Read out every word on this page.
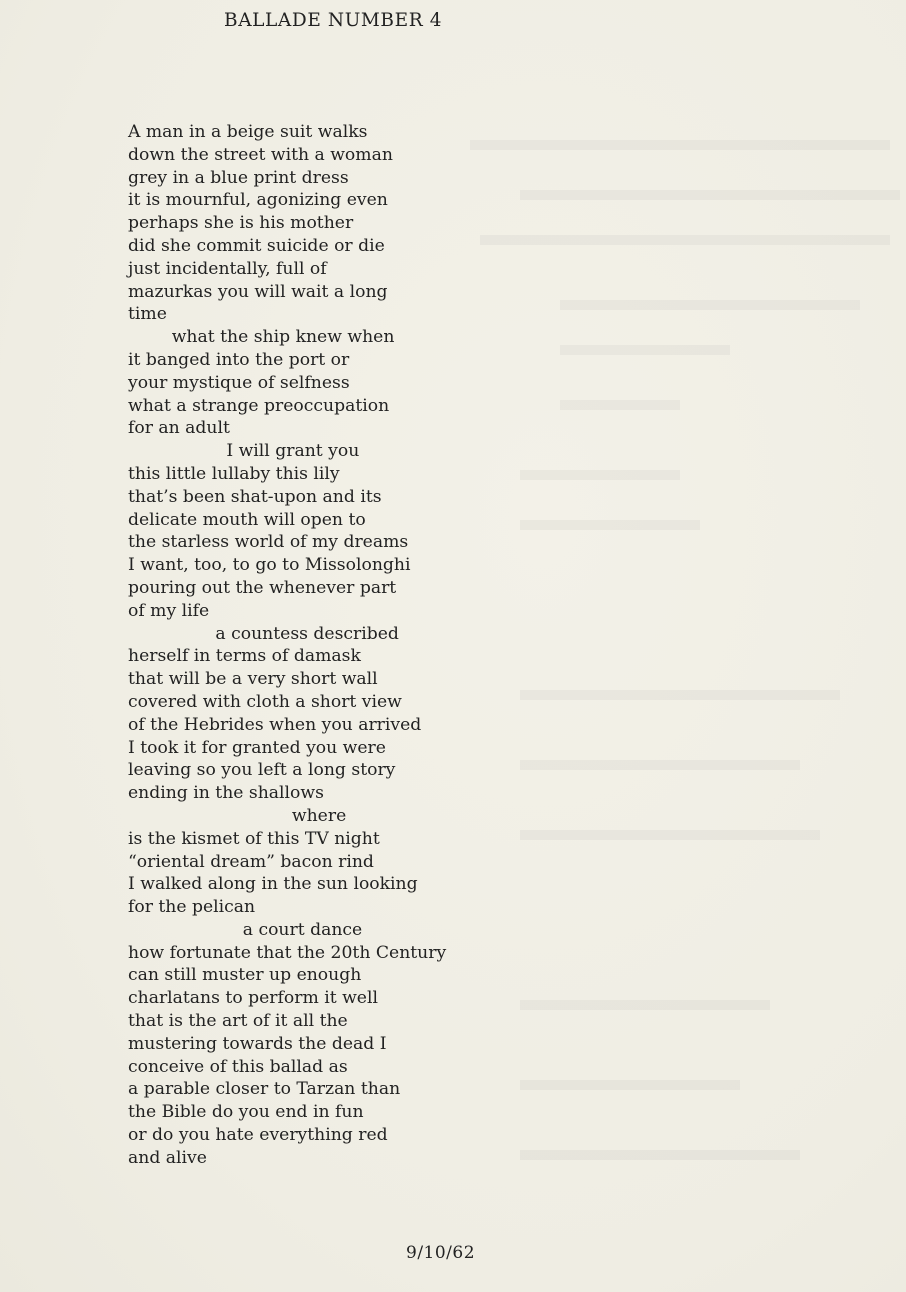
BALLADE NUMBER 4
A man in a beige suit walks
down the street with a woman
grey in a blue print dress
it is mournful, agonizing even
perhaps she is his mother
did she commit suicide or die
just incidentally, full of
mazurkas you will wait a long
time
what the ship knew when
it banged into the port or
your mystique of selfness
what a strange preoccupation
for an adult
I will grant you
this little lullaby this lily
that’s been shat-upon and its
delicate mouth will open to
the starless world of my dreams
I want, too, to go to Missolonghi
pouring out the whenever part
of my life
a countess described
herself in terms of damask
that will be a very short wall
covered with cloth a short view
of the Hebrides when you arrived
I took it for granted you were
leaving so you left a long story
ending in the shallows
where
is the kismet of this TV night
“oriental dream” bacon rind
I walked along in the sun looking
for the pelican
a court dance
how fortunate that the 20th Century
can still muster up enough
charlatans to perform it well
that is the art of it all the
mustering towards the dead I
conceive of this ballad as
a parable closer to Tarzan than
the Bible do you end in fun
or do you hate everything red
and alive
9/10/62
